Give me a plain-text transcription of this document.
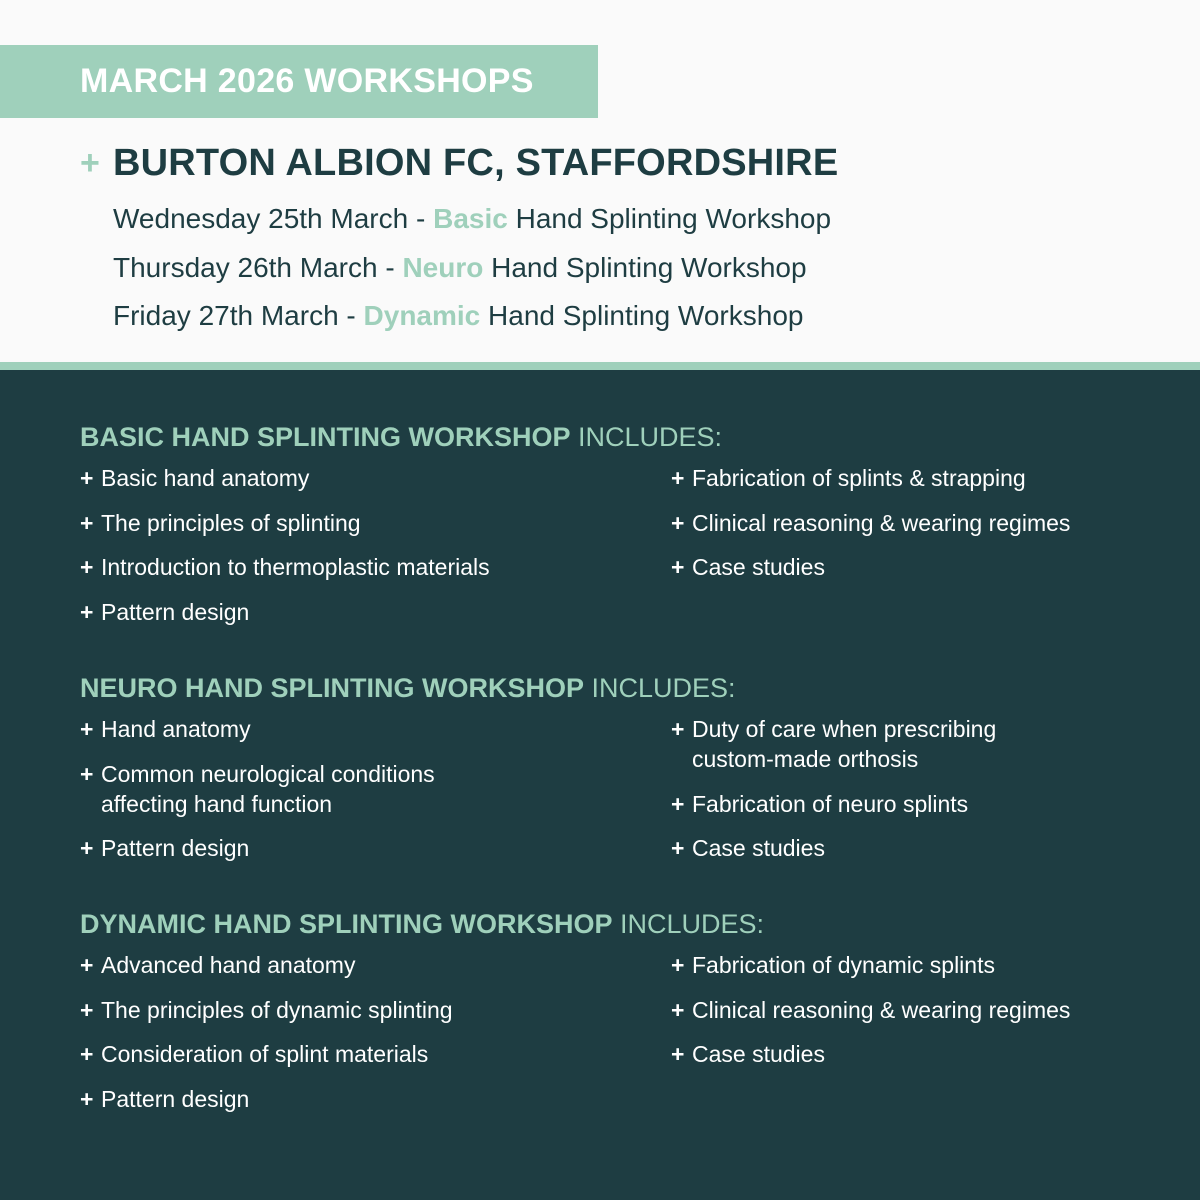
MARCH 2026 WORKSHOPS
+ BURTON ALBION FC, STAFFORDSHIRE
Wednesday 25th March - Basic Hand Splinting Workshop
Thursday 26th March - Neuro Hand Splinting Workshop
Friday 27th March - Dynamic Hand Splinting Workshop
BASIC HAND SPLINTING WORKSHOP INCLUDES:
+ Basic hand anatomy
+ The principles of splinting
+ Introduction to thermoplastic materials
+ Pattern design
+ Fabrication of splints & strapping
+ Clinical reasoning & wearing regimes
+ Case studies
NEURO HAND SPLINTING WORKSHOP INCLUDES:
+ Hand anatomy
+ Common neurological conditions affecting hand function
+ Pattern design
+ Duty of care when prescribing custom-made orthosis
+ Fabrication of neuro splints
+ Case studies
DYNAMIC HAND SPLINTING WORKSHOP INCLUDES:
+ Advanced hand anatomy
+ The principles of dynamic splinting
+ Consideration of splint materials
+ Pattern design
+ Fabrication of dynamic splints
+ Clinical reasoning & wearing regimes
+ Case studies
